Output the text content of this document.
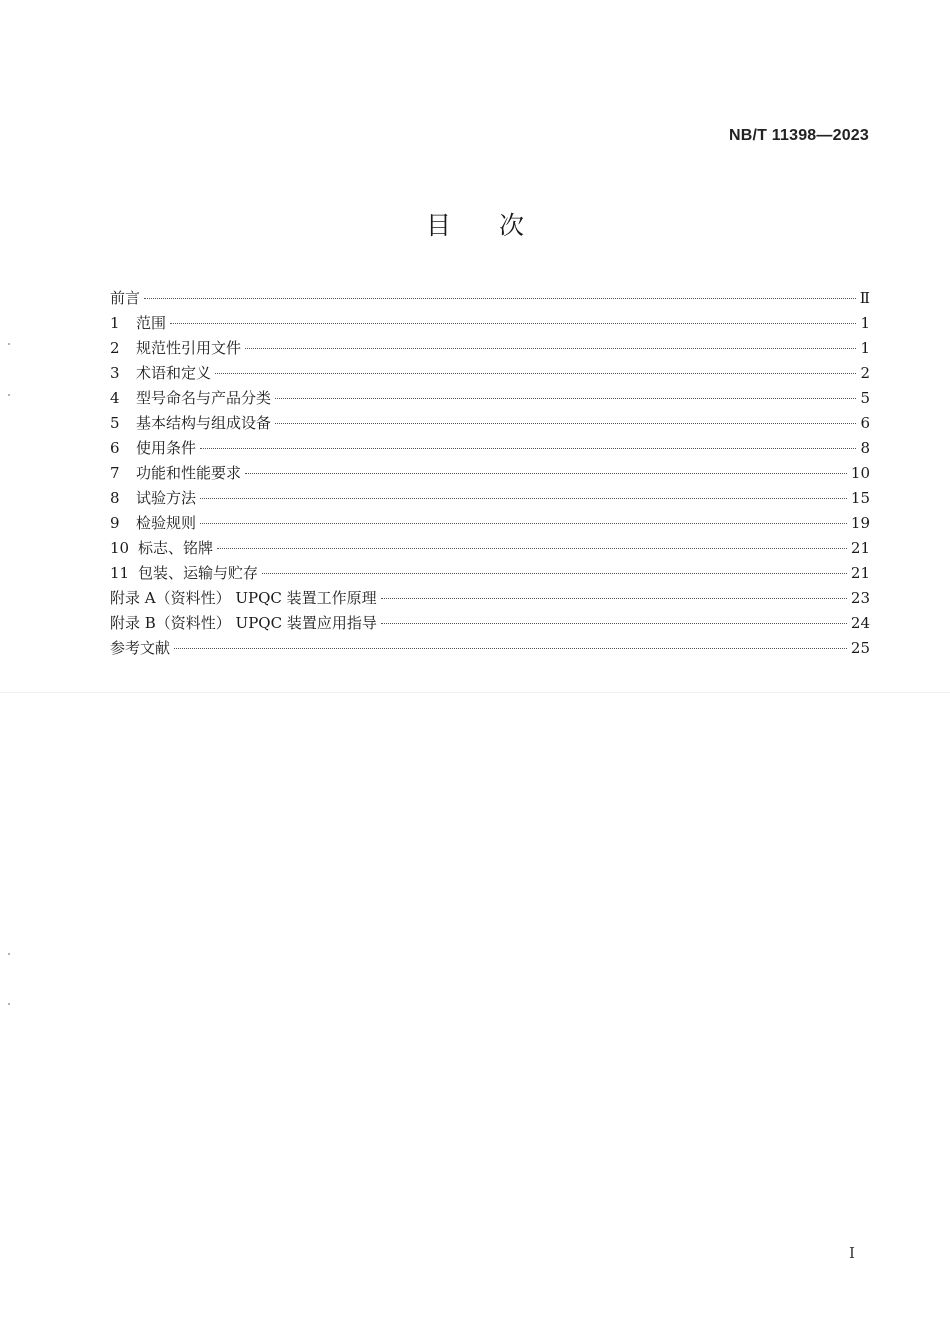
NB/T 11398—2023
目次
前言	Ⅱ
1	范围	1
2	规范性引用文件	1
3	术语和定义	2
4	型号命名与产品分类	5
5	基本结构与组成设备	6
6	使用条件	8
7	功能和性能要求	10
8	试验方法	15
9	检验规则	19
10 标志、铭牌	21
11 包装、运输与贮存	21
附录 A（资料性） UPQC 装置工作原理	23
附录 B（资料性） UPQC 装置应用指导	24
参考文献	25
I
